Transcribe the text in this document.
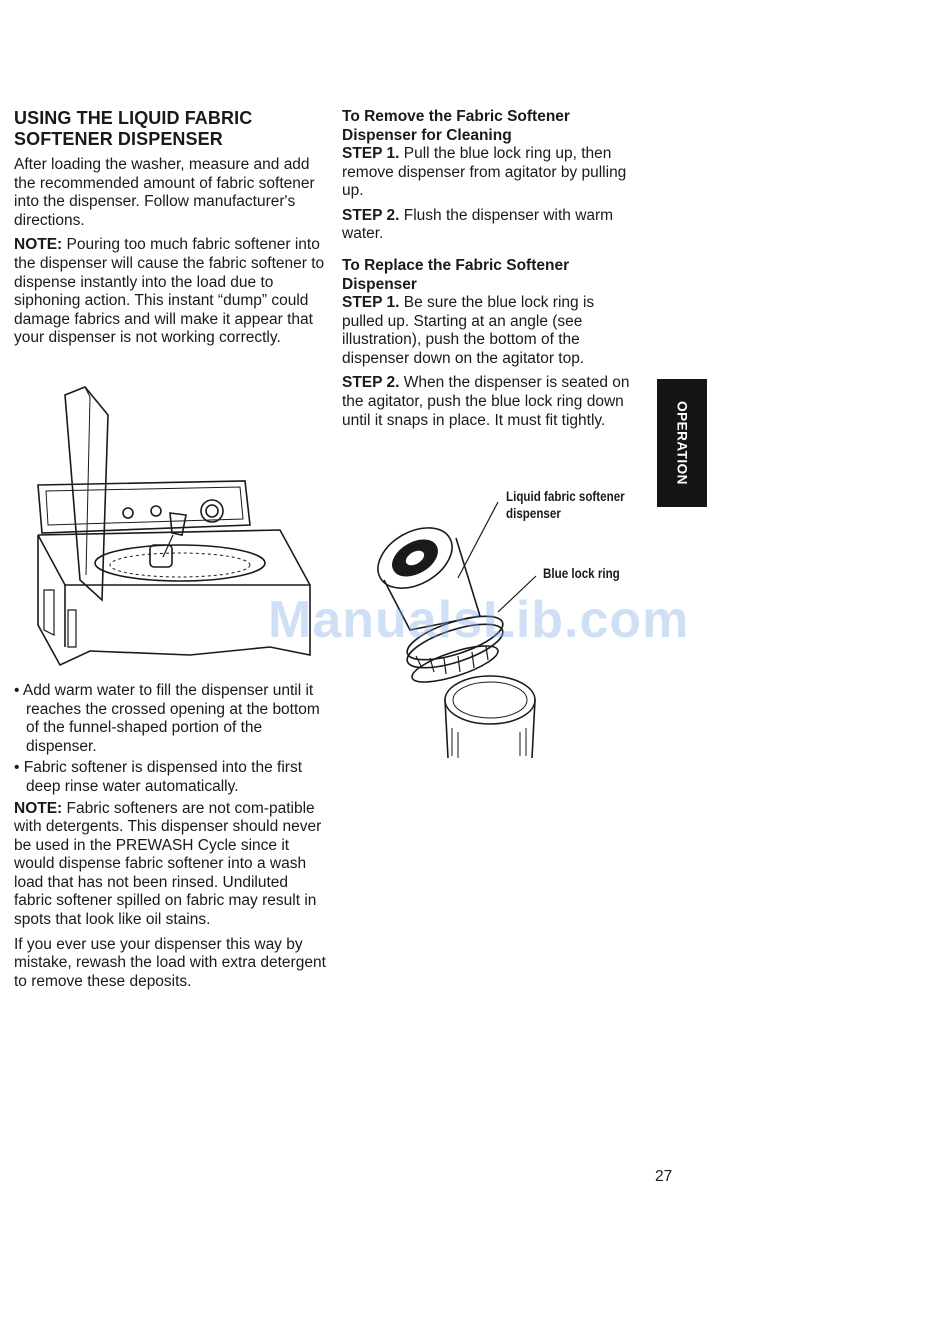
USING THE LIQUID FABRIC
SOFTENER DISPENSER

After loading the washer, measure and add the recommended amount of fabric softener into the dispenser. Follow manufacturer's directions.

NOTE: Pouring too much fabric softener into the dispenser will cause the fabric softener to dispense instantly into the load due to siphoning action. This instant “dump” could damage fabrics and will make it appear that your dispenser is not working correctly.

• Add warm water to fill the dispenser until it reaches the crossed opening at the bottom of the funnel-shaped portion of the dispenser.
• Fabric softener is dispensed into the first deep rinse water automatically.

NOTE: Fabric softeners are not com-patible with detergents. This dispenser should never be used in the PREWASH Cycle since it would dispense fabric softener into a wash load that has not been rinsed. Undiluted fabric softener spilled on fabric may result in spots that look like oil stains.

If you ever use your dispenser this way by mistake, rewash the load with extra detergent to remove these deposits.

To Remove the Fabric Softener Dispenser for Cleaning

STEP 1. Pull the blue lock ring up, then remove dispenser from agitator by pulling up.

STEP 2. Flush the dispenser with warm water.

To Replace the Fabric Softener Dispenser

STEP 1. Be sure the blue lock ring is pulled up. Starting at an angle (see illustration), push the bottom of the dispenser down on the agitator top.

STEP 2. When the dispenser is seated on the agitator, push the blue lock ring down until it snaps in place. It must fit tightly.

Liquid fabric softener dispenser
Blue lock ring
OPERATION
ManualsLib.com
27
